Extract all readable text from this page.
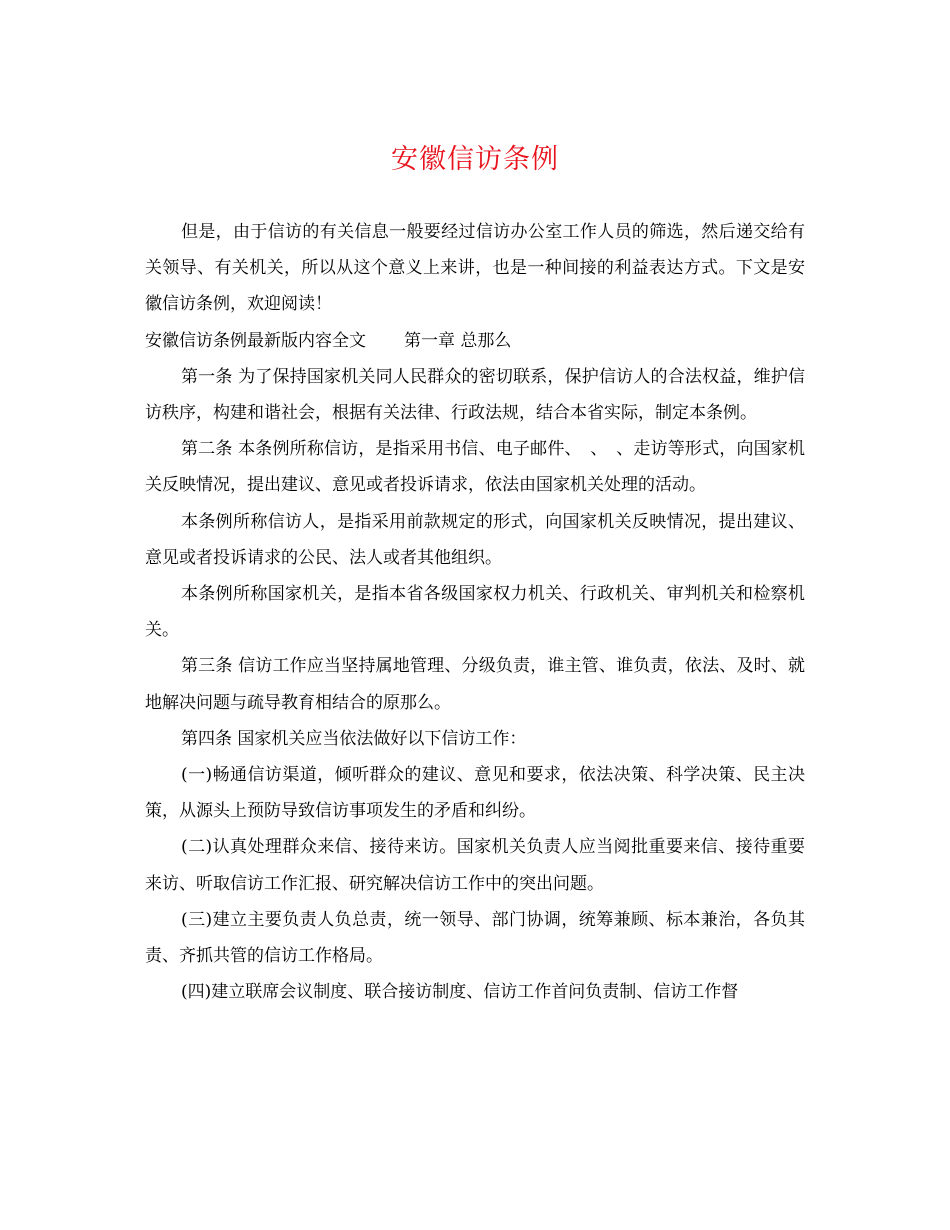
安徽信访条例

但是，由于信访的有关信息一般要经过信访办公室工作人员的筛选，然后递交给有关领导、有关机关，所以从这个意义上来讲，也是一种间接的利益表达方式。下文是安徽信访条例，欢迎阅读！

安徽信访条例最新版内容全文 第一章 总那么

第一条 为了保持国家机关同人民群众的密切联系，保护信访人的合法权益，维护信访秩序，构建和谐社会，根据有关法律、行政法规，结合本省实际，制定本条例。

第二条 本条例所称信访，是指采用书信、电子邮件、　、　、走访等形式，向国家机关反映情况，提出建议、意见或者投诉请求，依法由国家机关处理的活动。

本条例所称信访人，是指采用前款规定的形式，向国家机关反映情况，提出建议、意见或者投诉请求的公民、法人或者其他组织。

本条例所称国家机关，是指本省各级国家权力机关、行政机关、审判机关和检察机关。

第三条 信访工作应当坚持属地管理、分级负责，谁主管、谁负责，依法、及时、就地解决问题与疏导教育相结合的原那么。

第四条 国家机关应当依法做好以下信访工作：

(一)畅通信访渠道，倾听群众的建议、意见和要求，依法决策、科学决策、民主决策，从源头上预防导致信访事项发生的矛盾和纠纷。

(二)认真处理群众来信、接待来访。国家机关负责人应当阅批重要来信、接待重要来访、听取信访工作汇报、研究解决信访工作中的突出问题。

(三)建立主要负责人负总责，统一领导、部门协调，统筹兼顾、标本兼治，各负其责、齐抓共管的信访工作格局。

(四)建立联席会议制度、联合接访制度、信访工作首问负责制、信访工作督
